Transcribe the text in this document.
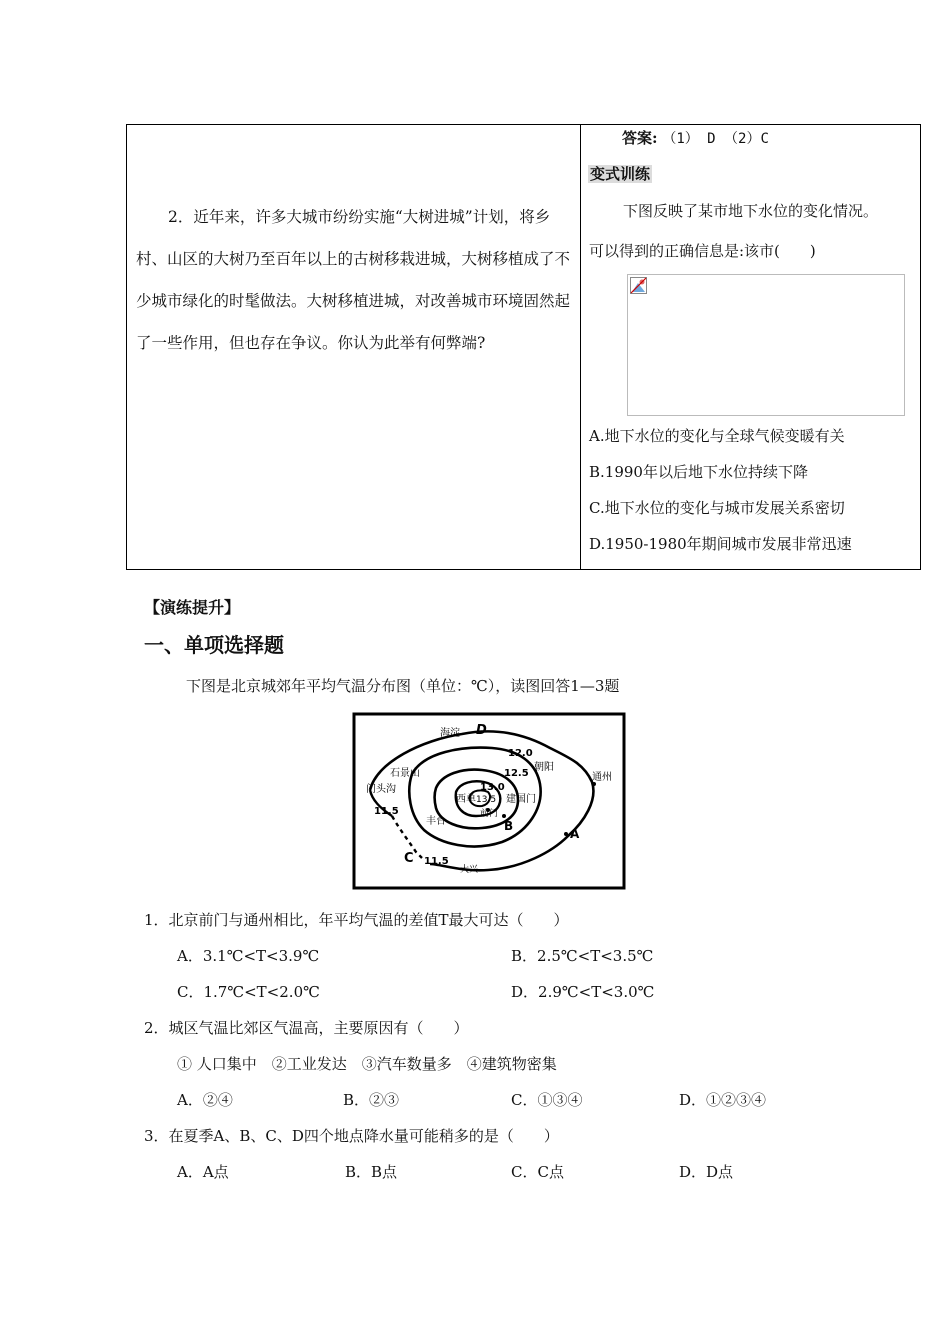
2．近年来，许多大城市纷纷实施“大树进城”计划，将乡村、山区的大树乃至百年以上的古树移栽进城，大树移植成了不少城市绿化的时髦做法。大树移植进城，对改善城市环境固然起了一些作用，但也存在争议。你认为此举有何弊端?
答案: （1） D （2）C
变式训练
下图反映了某市地下水位的变化情况。
可以得到的正确信息是:该市(　　)
A.地下水位的变化与全球气候变暖有关
B.1990年以后地下水位持续下降
C.地下水位的变化与城市发展关系密切
D.1950-1980年期间城市发展非常迅速
【演练提升】
一、单项选择题
下图是北京城郊年平均气温分布图（单位：℃），读图回答1—3题
海淀 D
12.0
朝阳
石景山	12.5	通州
门头沟	13.0
13.5
西单	建国门
11.5	前门
丰台	B
A
C 11.5
大兴
1．北京前门与通州相比，年平均气温的差值T最大可达（　　）
A．3.1℃<T<3.9℃	B．2.5℃<T<3.5℃
C．1.7℃<T<2.0℃	D．2.9℃<T<3.0℃
2．城区气温比郊区气温高，主要原因有（　　）
① 人口集中　②工业发达　③汽车数量多　④建筑物密集
A．②④	B．②③	C．①③④	D．①②③④
3．在夏季A、B、C、D四个地点降水量可能稍多的是（　　）
A．A点	B．B点	C．C点	D．D点
